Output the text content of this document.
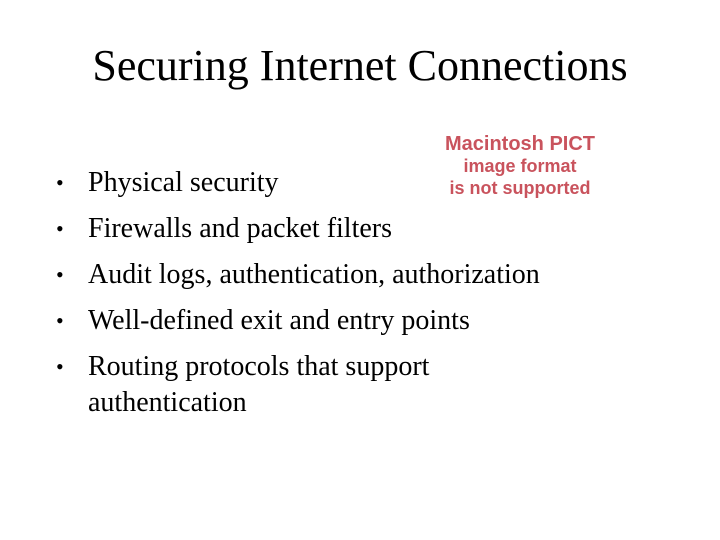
Securing Internet Connections
Macintosh PICT
image format
is not supported
• Physical security
• Firewalls and packet filters
• Audit logs, authentication, authorization
• Well-defined exit and entry points
• Routing protocols that support authentication
